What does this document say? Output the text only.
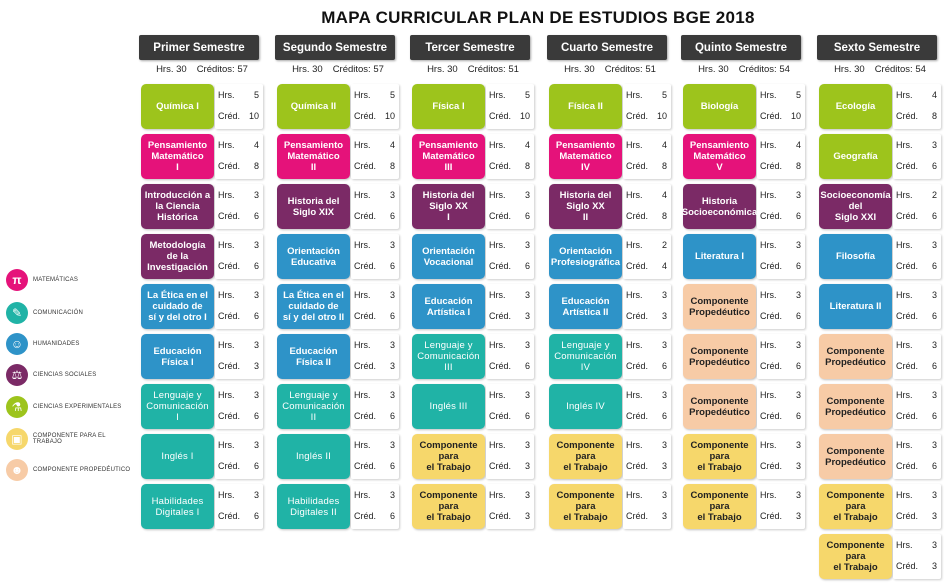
MAPA CURRICULAR PLAN DE ESTUDIOS BGE 2018
π	MATEMÁTICAS
✎	COMUNICACIÓN
☺	HUMANIDADES
⚖	CIENCIAS SOCIALES
⚗	CIENCIAS EXPERIMENTALES
▣	COMPONENTE PARA EL TRABAJO
☻	COMPONENTE PROPEDÉUTICO
Primer Semestre
Hrs. 30 Créditos: 57
Química I
Hrs. 5
Créd. 10
Pensamiento
Matemático
I
Hrs. 4
Créd. 8
Introducción a
la Ciencia
Histórica
Hrs. 3
Créd. 6
Metodología
de la
Investigación
Hrs. 3
Créd. 6
La Ética en el
cuidado de
sí y del otro I
Hrs. 3
Créd. 6
Educación
Física I
Hrs. 3
Créd. 3
Lenguaje y
Comunicación
I
Hrs. 3
Créd. 6
Inglés I
Hrs. 3
Créd. 6
Habilidades
Digitales I
Hrs. 3
Créd. 6
Segundo Semestre
Hrs. 30 Créditos: 57
Química II
Hrs. 5
Créd. 10
Pensamiento
Matemático
II
Hrs. 4
Créd. 8
Historia del
Siglo XIX
Hrs. 3
Créd. 6
Orientación
Educativa
Hrs. 3
Créd. 6
La Ética en el
cuidado de
sí y del otro II
Hrs. 3
Créd. 6
Educación
Física II
Hrs. 3
Créd. 3
Lenguaje y
Comunicación
II
Hrs. 3
Créd. 6
Inglés II
Hrs. 3
Créd. 6
Habilidades
Digitales II
Hrs. 3
Créd. 6
Tercer Semestre
Hrs. 30 Créditos: 51
Física I
Hrs. 5
Créd. 10
Pensamiento
Matemático
III
Hrs. 4
Créd. 8
Historia del
Siglo XX
I
Hrs. 3
Créd. 6
Orientación
Vocacional
Hrs. 3
Créd. 6
Educación
Artística I
Hrs. 3
Créd. 3
Lenguaje y
Comunicación
III
Hrs. 3
Créd. 6
Inglés III
Hrs. 3
Créd. 6
Componente
para
el Trabajo
Hrs. 3
Créd. 3
Componente
para
el Trabajo
Hrs. 3
Créd. 3
Cuarto Semestre
Hrs. 30 Créditos: 51
Física II
Hrs. 5
Créd. 10
Pensamiento
Matemático
IV
Hrs. 4
Créd. 8
Historia del
Siglo XX
II
Hrs. 4
Créd. 8
Orientación
Profesiográfica
Hrs. 2
Créd. 4
Educación
Artística II
Hrs. 3
Créd. 3
Lenguaje y
Comunicación
IV
Hrs. 3
Créd. 6
Inglés IV
Hrs. 3
Créd. 6
Componente
para
el Trabajo
Hrs. 3
Créd. 3
Componente
para
el Trabajo
Hrs. 3
Créd. 3
Quinto Semestre
Hrs. 30 Créditos: 54
Biología
Hrs. 5
Créd. 10
Pensamiento
Matemático
V
Hrs. 4
Créd. 8
Historia
Socioeconómica
Hrs. 3
Créd. 6
Literatura I
Hrs. 3
Créd. 6
Componente
Propedéutico
Hrs. 3
Créd. 6
Componente
Propedéutico
Hrs. 3
Créd. 6
Componente
Propedéutico
Hrs. 3
Créd. 6
Componente
para
el Trabajo
Hrs. 3
Créd. 3
Componente
para
el Trabajo
Hrs. 3
Créd. 3
Sexto Semestre
Hrs. 30 Créditos: 54
Ecología
Hrs. 4
Créd. 8
Geografía
Hrs. 3
Créd. 6
Socioeconomía
del
Siglo XXI
Hrs. 2
Créd. 6
Filosofía
Hrs. 3
Créd. 6
Literatura II
Hrs. 3
Créd. 6
Componente
Propedéutico
Hrs. 3
Créd. 6
Componente
Propedéutico
Hrs. 3
Créd. 6
Componente
Propedéutico
Hrs. 3
Créd. 6
Componente
para
el Trabajo
Hrs. 3
Créd. 3
Componente
para
el Trabajo
Hrs. 3
Créd. 3
